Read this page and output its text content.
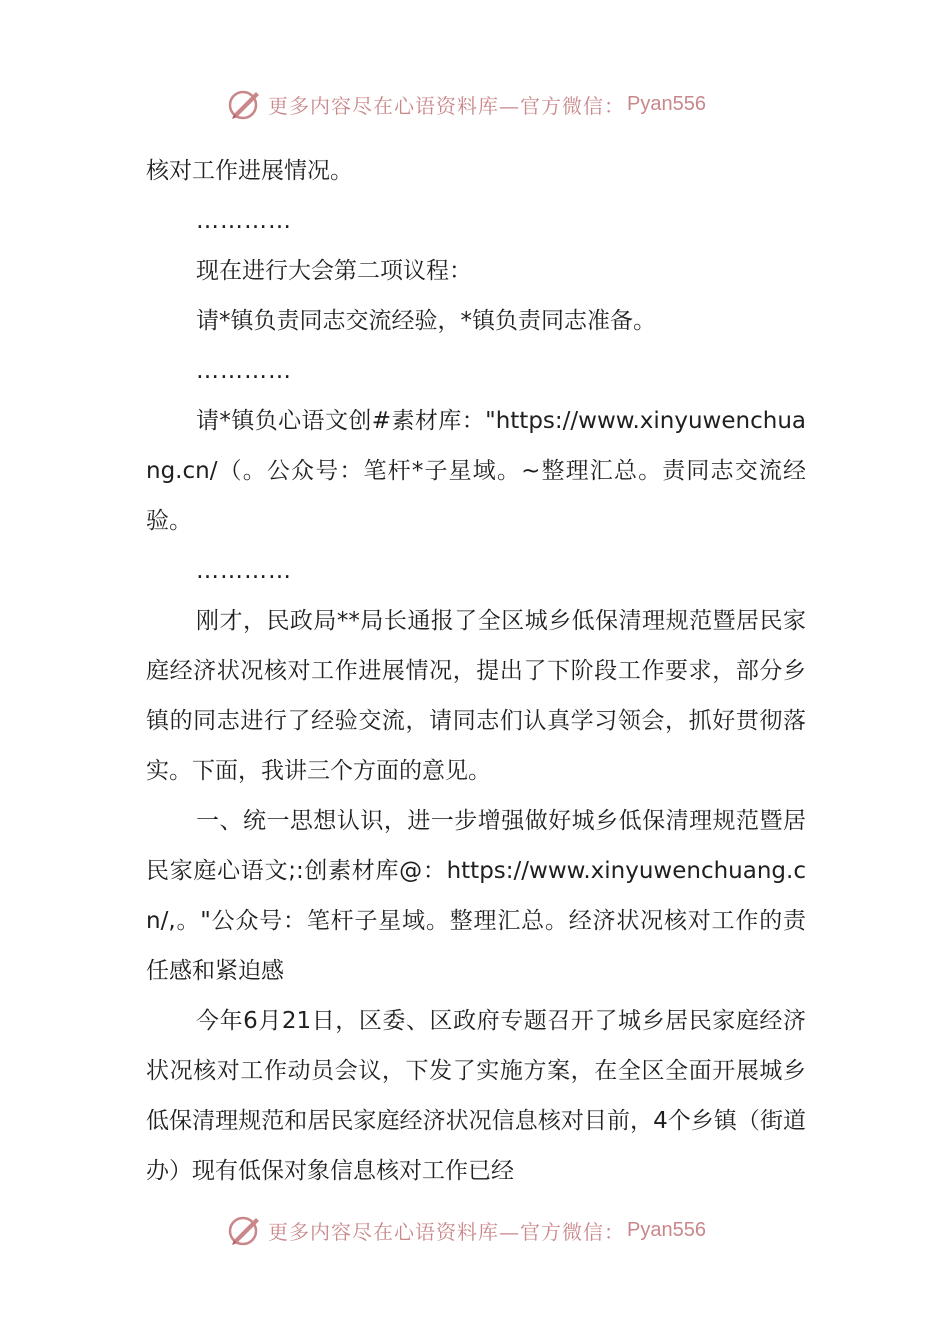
更多内容尽在心语资料库—官方微信： Pyan556

核对工作进展情况。

…………

现在进行大会第二项议程：

请*镇负责同志交流经验，*镇负责同志准备。

…………

请*镇负心语文创#素材库："https://www.xinyuwenchuang.cn/（。公众号：笔杆*子星域。~整理汇总。责同志交流经验。

…………

刚才，民政局**局长通报了全区城乡低保清理规范暨居民家庭经济状况核对工作进展情况，提出了下阶段工作要求，部分乡镇的同志进行了经验交流，请同志们认真学习领会，抓好贯彻落实。下面，我讲三个方面的意见。

一、统一思想认识，进一步增强做好城乡低保清理规范暨居民家庭心语文;:创素材库@：https://www.xinyuwenchuang.cn/,。"公众号：笔杆子星域。整理汇总。经济状况核对工作的责任感和紧迫感

今年6月21日，区委、区政府专题召开了城乡居民家庭经济状况核对工作动员会议，下发了实施方案，在全区全面开展城乡低保清理规范和居民家庭经济状况信息核对目前，4个乡镇（街道办）现有低保对象信息核对工作已经

更多内容尽在心语资料库—官方微信： Pyan556
